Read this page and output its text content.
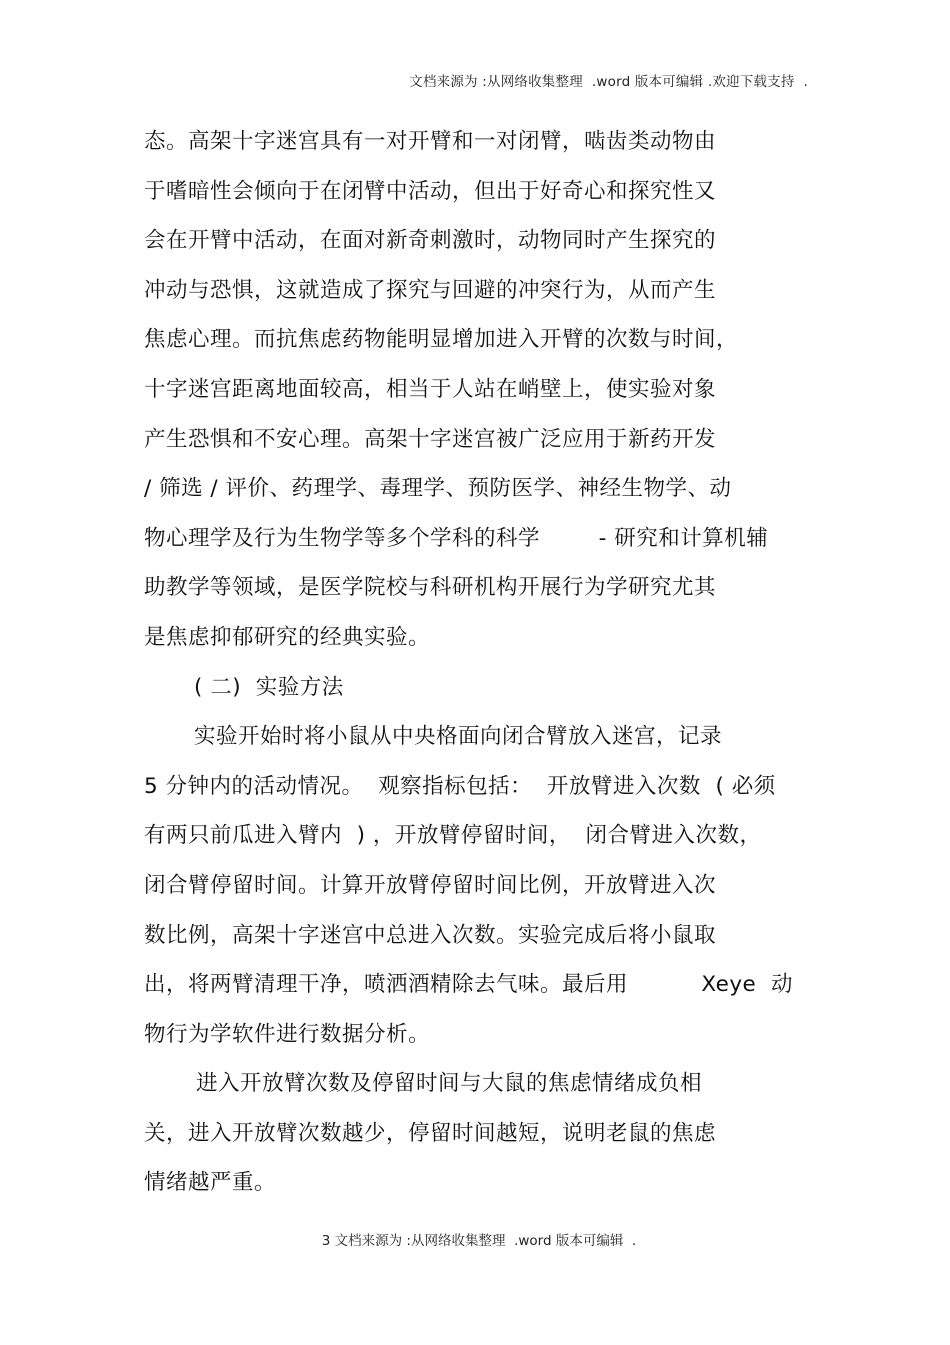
文档来源为 :从网络收集整理  .word 版本可编辑 .欢迎下载支持  .
态。高架十字迷宫具有一对开臂和一对闭臂，啮齿类动物由
于嗜暗性会倾向于在闭臂中活动，但出于好奇心和探究性又
会在开臂中活动，在面对新奇刺激时，动物同时产生探究的
冲动与恐惧，这就造成了探究与回避的冲突行为，从而产生
焦虑心理。而抗焦虑药物能明显增加进入开臂的次数与时间，
十字迷宫距离地面较高，相当于人站在峭壁上，使实验对象
产生恐惧和不安心理。高架十字迷宫被广泛应用于新药开发
/ 筛选 / 评价、药理学、毒理学、预防医学、神经生物学、动
物心理学及行为生物学等多个学科的科学        - 研究和计算机辅
助教学等领域，是医学院校与科研机构开展行为学研究尤其
是焦虑抑郁研究的经典实验。
( 二)  实验方法
实验开始时将小鼠从中央格面向闭合臂放入迷宫，记录
5 分钟内的活动情况。  观察指标包括：  开放臂进入次数  ( 必须
有两只前瓜进入臂内  ) ，开放臂停留时间，  闭合臂进入次数，
闭合臂停留时间。计算开放臂停留时间比例，开放臂进入次
数比例，高架十字迷宫中总进入次数。实验完成后将小鼠取
出，将两臂清理干净，喷洒酒精除去气味。最后用          Xeye  动
物行为学软件进行数据分析。
进入开放臂次数及停留时间与大鼠的焦虑情绪成负相
关，进入开放臂次数越少，停留时间越短，说明老鼠的焦虑
情绪越严重。
3 文档来源为 :从网络收集整理  .word 版本可编辑  .
